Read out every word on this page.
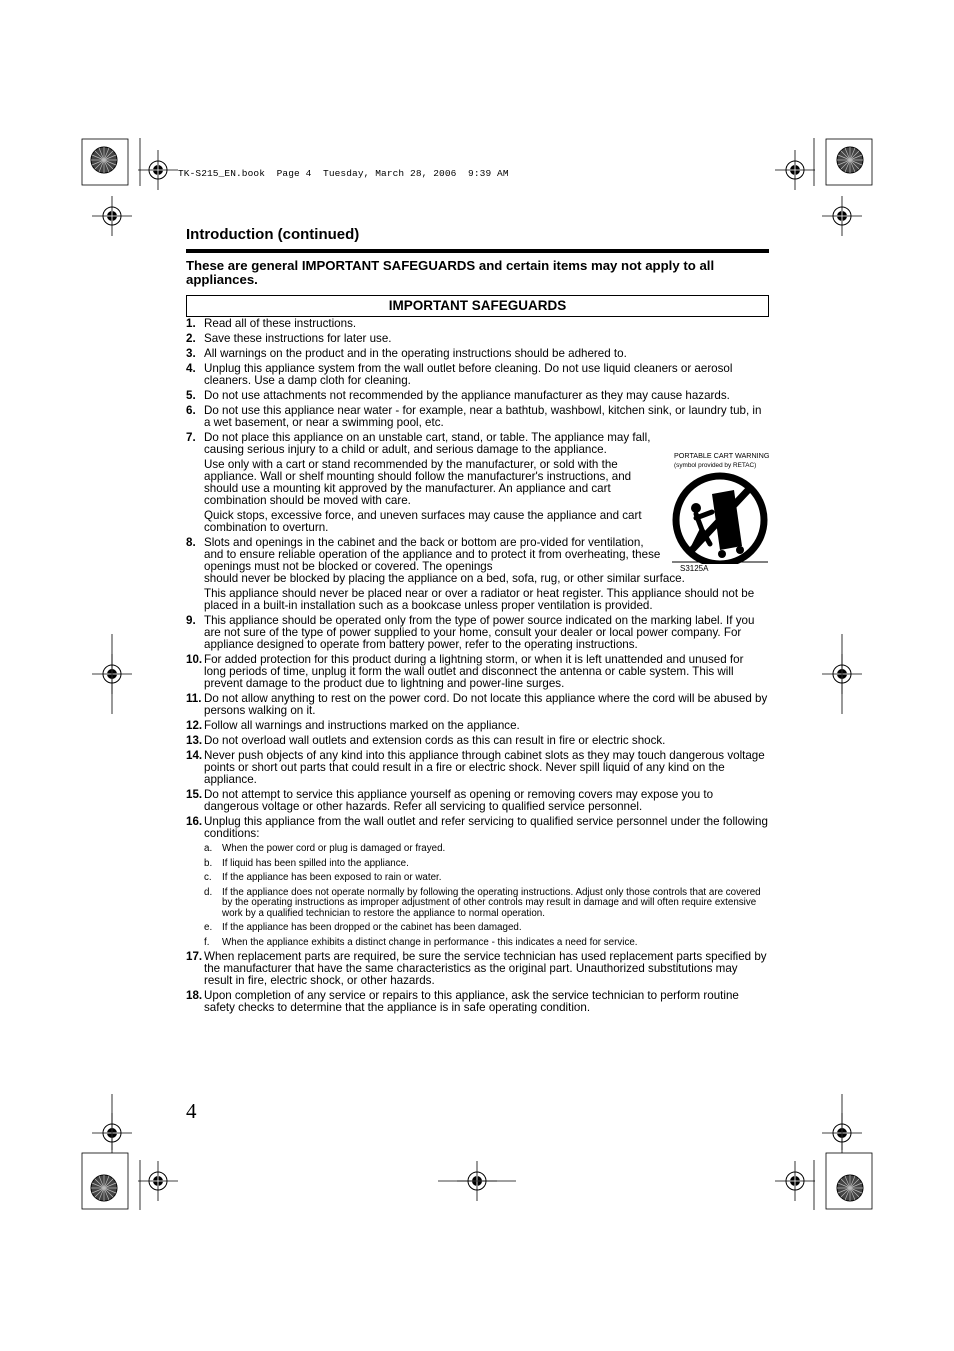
TK-S215_EN.book  Page 4  Tuesday, March 28, 2006  9:39 AM
Introduction (continued)
These are general IMPORTANT SAFEGUARDS and certain items may not apply to all appliances.
IMPORTANT SAFEGUARDS
1. Read all of these instructions.
2. Save these instructions for later use.
3. All warnings on the product and in the operating instructions should be adhered to.
4. Unplug this appliance system from the wall outlet before cleaning. Do not use liquid cleaners or aerosol cleaners. Use a damp cloth for cleaning.
5. Do not use attachments not recommended by the appliance manufacturer as they may cause hazards.
6. Do not use this appliance near water - for example, near a bathtub, washbowl, kitchen sink, or laundry tub, in a wet basement, or near a swimming pool, etc.
7. Do not place this appliance on an unstable cart, stand, or table. The appliance may fall, causing serious injury to a child or adult, and serious damage to the appliance.
Use only with a cart or stand recommended by the manufacturer, or sold with the appliance. Wall or shelf mounting should follow the manufacturer's instructions, and should use a mounting kit approved by the manufacturer. An appliance and cart combination should be moved with care.
Quick stops, excessive force, and uneven surfaces may cause the appliance and cart combination to overturn.
8. Slots and openings in the cabinet and the back or bottom are pro-vided for ventilation, and to ensure reliable operation of the appliance and to protect it from overheating, these openings must not be blocked or covered. The openings
should never be blocked by placing the appliance on a bed, sofa, rug, or other similar surface.
This appliance should never be placed near or over a radiator or heat register. This appliance should not be placed in a built-in installation such as a bookcase unless proper ventilation is provided.
9. This appliance should be operated only from the type of power source indicated on the marking label. If you are not sure of the type of power supplied to your home, consult your dealer or local power company. For appliance designed to operate from battery power, refer to the operating instructions.
10. For added protection for this product during a lightning storm, or when it is left unattended and unused for long periods of time, unplug it form the wall outlet and disconnect the antenna or cable system. This will prevent damage to the product due to lightning and power-line surges.
11. Do not allow anything to rest on the power cord. Do not locate this appliance where the cord will be abused by persons walking on it.
12. Follow all warnings and instructions marked on the appliance.
13. Do not overload wall outlets and extension cords as this can result in fire or electric shock.
14. Never push objects of any kind into this appliance through cabinet slots as they may touch dangerous voltage points or short out parts that could result in a fire or electric shock. Never spill liquid of any kind on the appliance.
15. Do not attempt to service this appliance yourself as opening or removing covers may expose you to dangerous voltage or other hazards. Refer all servicing to qualified service personnel.
16. Unplug this appliance from the wall outlet and refer servicing to qualified service personnel under the following conditions:
a. When the power cord or plug is damaged or frayed.
b. If liquid has been spilled into the appliance.
c. If the appliance has been exposed to rain or water.
d. If the appliance does not operate normally by following the operating instructions. Adjust only those controls that are covered by the operating instructions as improper adjustment of other controls may result in damage and will often require extensive work by a qualified technician to restore the appliance to normal operation.
e. If the appliance has been dropped or the cabinet has been damaged.
f. When the appliance exhibits a distinct change in performance - this indicates a need for service.
17. When replacement parts are required, be sure the service technician has used replacement parts specified by the manufacturer that have the same characteristics as the original part. Unauthorized substitutions may result in fire, electric shock, or other hazards.
18. Upon completion of any service or repairs to this appliance, ask the service technician to perform routine safety checks to determine that the appliance is in safe operating condition.
PORTABLE CART WARNING
(symbol provided by RETAC)
S3125A
4
